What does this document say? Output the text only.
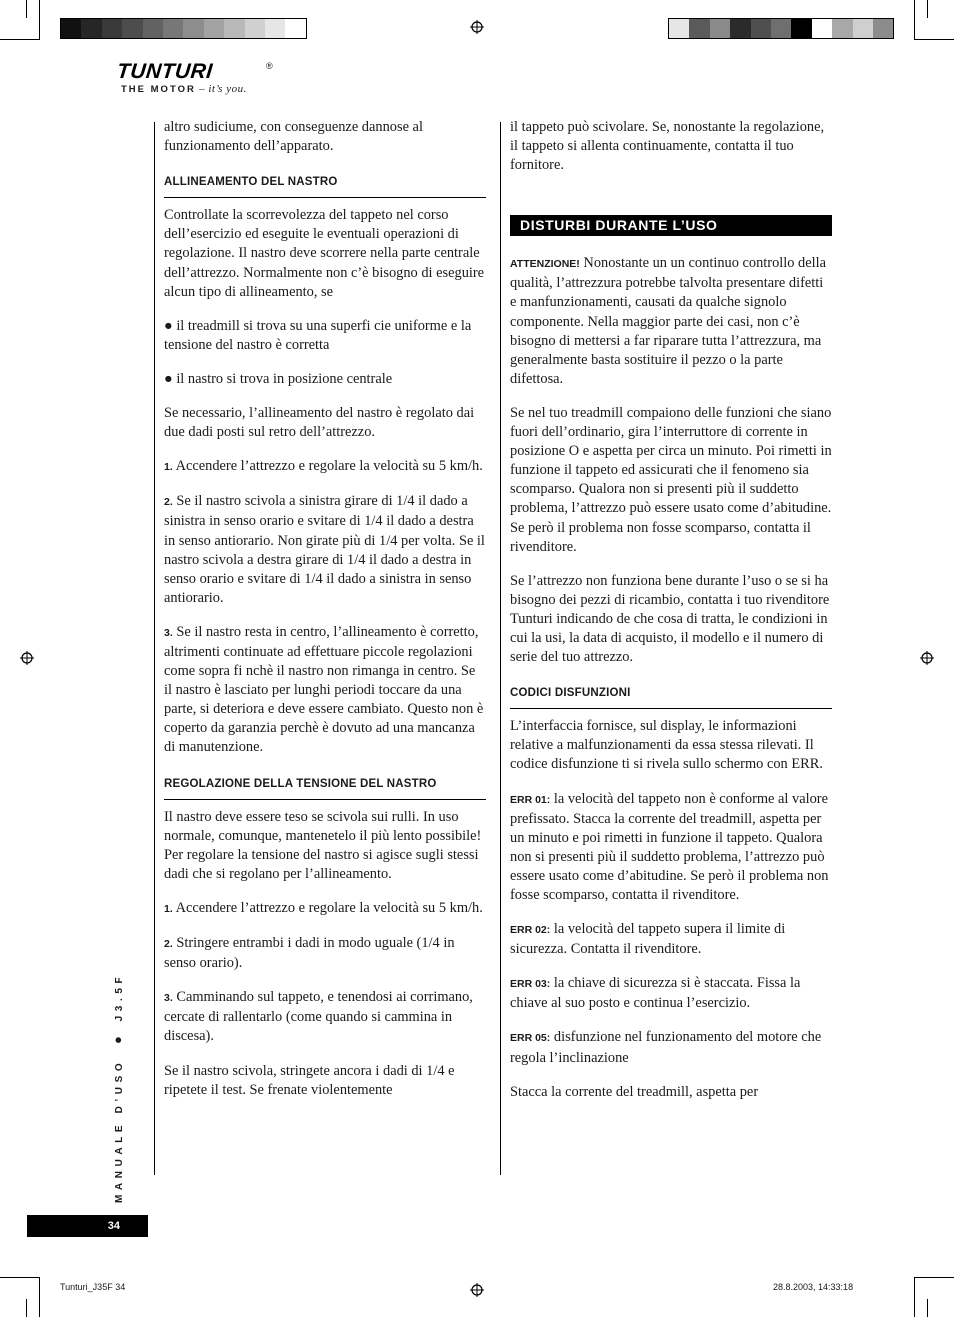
TUNTURI	®
THE MOTOR – it’s you.

altro sudiciume, con conseguenze dannose al funzionamento dell’apparato.

ALLINEAMENTO DEL NASTRO

Controllate la scorrevolezza del tappeto nel corso dell’esercizio ed eseguite le eventuali operazioni di regolazione. Il nastro deve scorrere nella parte centrale dell’attrezzo. Normalmente non c’è bisogno di eseguire alcun tipo di allineamento, se

● il treadmill si trova su una superfi cie uniforme e la tensione del nastro è corretta

● il nastro si trova in posizione centrale

Se necessario, l’allineamento del nastro è regolato dai due dadi posti sul retro dell’attrezzo.

1. Accendere l’attrezzo e regolare la velocità su 5 km/h.

2. Se il nastro scivola a sinistra girare di 1/4 il dado a sinistra in senso orario e svitare di 1/4 il dado a destra in senso antiorario. Non girate più di 1/4 per volta. Se il nastro scivola a destra girare di 1/4 il dado a destra in senso orario e svitare di 1/4 il dado a sinistra in senso antiorario.

3. Se il nastro resta in centro, l’allineamento è corretto, altrimenti continuate ad effettuare piccole regolazioni come sopra fi nchè il nastro non rimanga in centro. Se il nastro è lasciato per lunghi periodi toccare da una parte, si deteriora e deve essere cambiato. Questo non è coperto da garanzia perchè è dovuto ad una mancanza di manutenzione.

REGOLAZIONE DELLA TENSIONE DEL NASTRO

Il nastro deve essere teso se scivola sui rulli. In uso normale, comunque, mantenetelo il più lento possibile! Per regolare la tensione del nastro si agisce sugli stessi dadi che si regolano per l’allineamento.

1. Accendere l’attrezzo e regolare la velocità su 5 km/h.

2. Stringere entrambi i dadi in modo uguale (1/4 in senso orario).

3. Camminando sul tappeto, e tenendosi ai corrimano, cercate di rallentarlo (come quando si cammina in discesa).

Se il nastro scivola, stringete ancora i dadi di 1/4 e ripetete il test. Se frenate violentemente

il tappeto può scivolare. Se, nonostante la regolazione, il tappeto si allenta continuamente, contatta il tuo fornitore.

DISTURBI DURANTE L’USO

ATTENZIONE! Nonostante un un continuo controllo della qualità, l’attrezzura potrebbe talvolta presentare difetti e manfunzionamenti, causati da qualche signolo componente. Nella maggior parte dei casi, non c’è bisogno di mettersi a far riparare tutta l’attrezzura, ma generalmente basta sostituire il pezzo o la parte difettosa.

Se nel tuo treadmill compaiono delle funzioni che siano fuori dell’ordinario, gira l’interruttore di corrente in posizione O e aspetta per circa un minuto. Poi rimetti in funzione il tappeto ed assicurati che il fenomeno sia scomparso. Qualora non si presenti più il suddetto problema, l’attrezzo può essere usato come d’abitudine. Se però il problema non fosse scomparso, contatta il rivenditore.

Se l’attrezzo non funziona bene durante l’uso o se si ha bisogno dei pezzi di ricambio, contatta i tuo rivenditore Tunturi indicando de che cosa di tratta, le condizioni in cui la usi, la data di acquisto, il modello e il numero di serie del tuo attrezzo.

CODICI DISFUNZIONI

L’interfaccia fornisce, sul display, le informazioni relative a malfunzionamenti da essa stessa rilevati. Il codice disfunzione ti si rivela sullo schermo con ERR.

ERR 01: la velocità del tappeto non è conforme al valore prefissato. Stacca la corrente del treadmill, aspetta per un minuto e poi rimetti in funzione il tappeto. Qualora non si presenti più il suddetto problema, l’attrezzo può essere usato come d’abitudine. Se però il problema non fosse scomparso, contatta il rivenditore.

ERR 02: la velocità del tappeto supera il limite di sicurezza. Contatta il rivenditore.

ERR 03: la chiave di sicurezza si è staccata. Fissa la chiave al suo posto e continua l’esercizio.

ERR 05: disfunzione nel funzionamento del motore che regola l’inclinazione

Stacca la corrente del treadmill, aspetta per

MANUALE D’USO  ●  J3.5F
34
Tunturi_J35F 34	28.8.2003, 14:33:18
